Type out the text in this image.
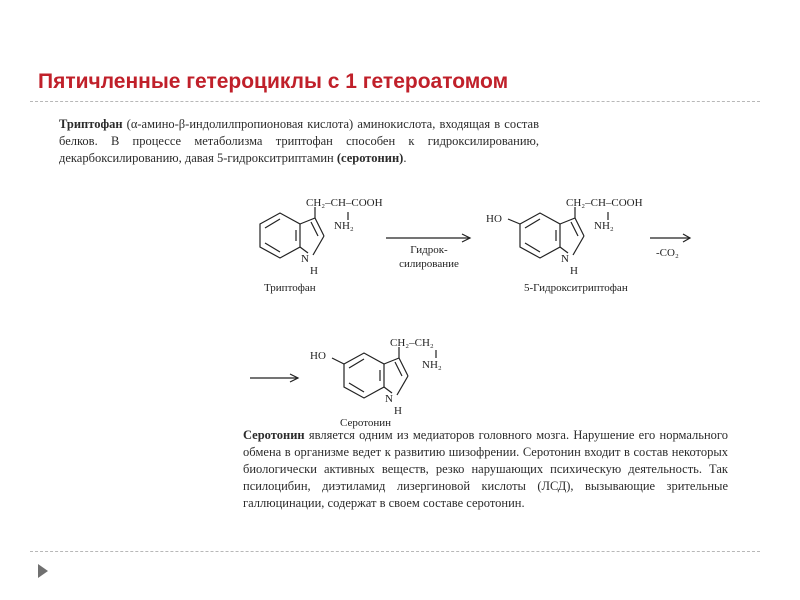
Пятичленные гетероциклы с 1 гетероатомом
Триптофан (α-амино-β-индолилпропионовая кислота) аминокислота, входящая в состав белков. В процессе метаболизма триптофан способен к гидроксилированию, декарбоксилированию, давая 5-гидрокситриптамин (серотонин).
CH₂–CH–COOH
NH₂
N
H
HO
CH₂–CH–COOH
NH₂
N
H
-CO₂
HO
CH₂–CH₂
NH₂
N
H
Гидрок-
силирование
Триптофан	5-Гидрокситриптофан
Серотонин
Серотонин является одним из медиаторов головного мозга. Нарушение его нормального обмена в организме ведет к развитию шизофрении. Серотонин входит в состав некоторых биологически активных веществ, резко нарушающих психическую деятельность. Так псилоцибин, диэтиламид лизергиновой кислоты (ЛСД), вызывающие зрительные галлюцинации, содержат в своем составе серотонин.
